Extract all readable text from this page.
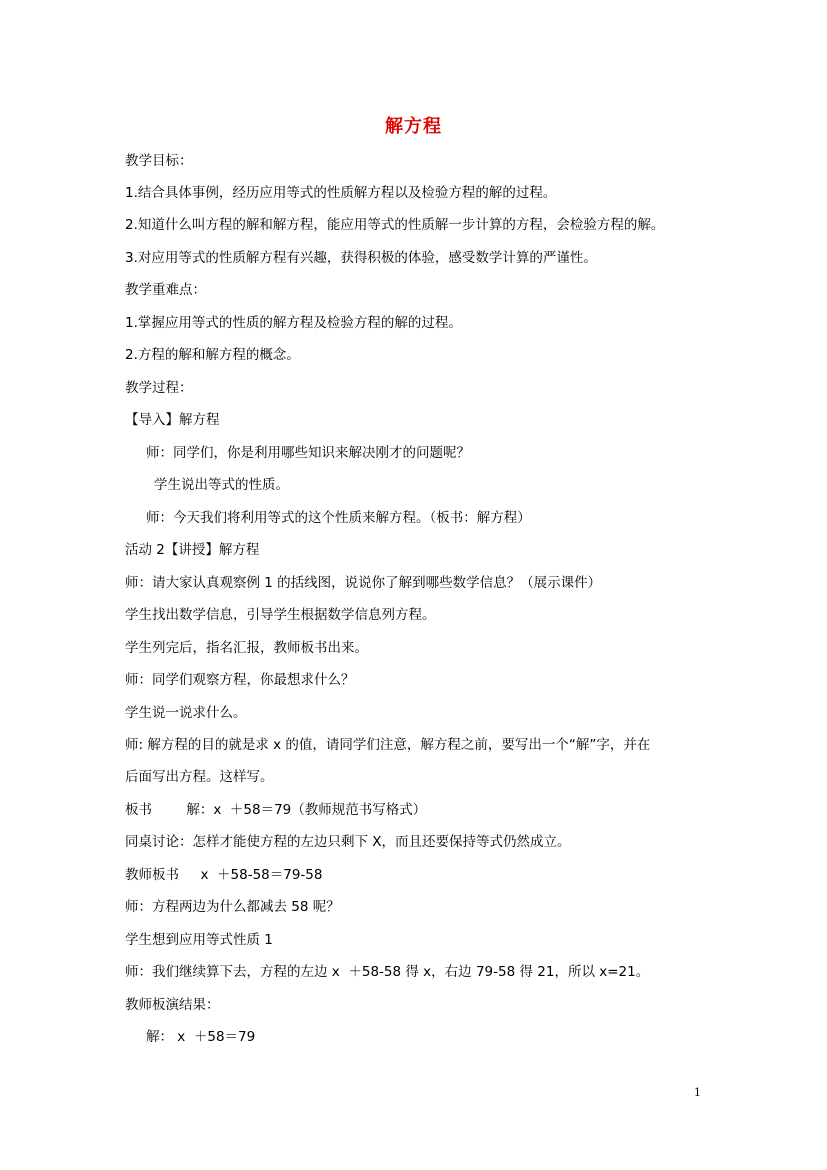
解方程
教学目标：
1.结合具体事例，经历应用等式的性质解方程以及检验方程的解的过程。
2.知道什么叫方程的解和解方程，能应用等式的性质解一步计算的方程，会检验方程的解。
3.对应用等式的性质解方程有兴趣，获得积极的体验，感受数学计算的严谨性。
教学重难点：
1.掌握应用等式的性质的解方程及检验方程的解的过程。
2.方程的解和解方程的概念。
教学过程：
【导入】解方程
师：同学们，你是利用哪些知识来解决刚才的问题呢？
学生说出等式的性质。
师：今天我们将利用等式的这个性质来解方程。（板书：解方程）
活动 2【讲授】解方程
师：请大家认真观察例 1 的括线图，说说你了解到哪些数学信息？（展示课件）
学生找出数学信息，引导学生根据数学信息列方程。
学生列完后，指名汇报，教师板书出来。
师：同学们观察方程，你最想求什么？
学生说一说求什么。
师: 解方程的目的就是求 x 的值，请同学们注意，解方程之前，要写出一个“解”字，并在
后面写出方程。这样写。
板书        解：x  ＋58＝79（教师规范书写格式）
同桌讨论：怎样才能使方程的左边只剩下 X，而且还要保持等式仍然成立。
教师板书     x  ＋58-58＝79-58
师：方程两边为什么都减去 58 呢？
学生想到应用等式性质 1
师：我们继续算下去，方程的左边 x  ＋58-58 得 x，右边 79-58 得 21，所以 x=21。
教师板演结果：
解： x  ＋58＝79
1
